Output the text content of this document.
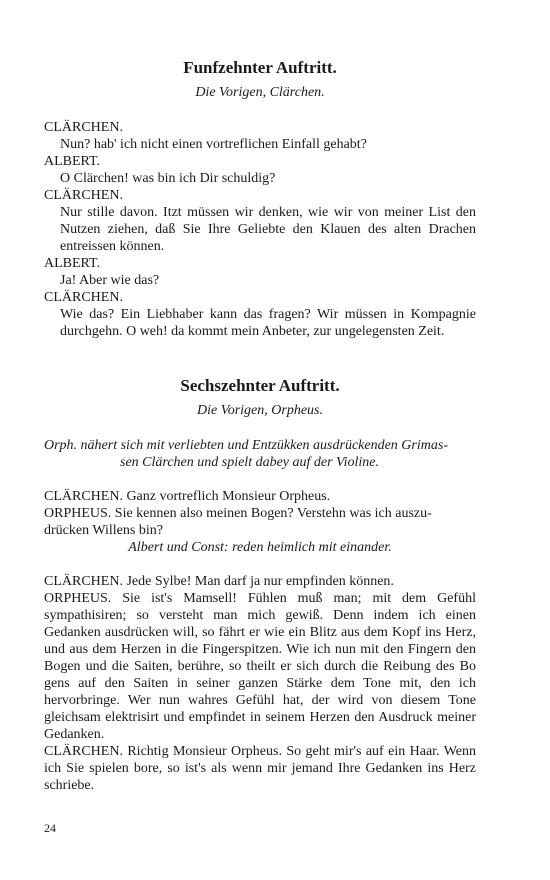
Funfzehnter Auftritt.
Die Vorigen, Clärchen.
CLÄRCHEN.
Nun? hab' ich nicht einen vortreflichen Einfall gehabt?
ALBERT.
O Clärchen! was bin ich Dir schuldig?
CLÄRCHEN.
Nur stille davon. Itzt müssen wir denken, wie wir von meiner List den Nutzen ziehen, daß Sie Ihre Geliebte den Klauen des alten Drachen entreissen können.
ALBERT.
Ja! Aber wie das?
CLÄRCHEN.
Wie das? Ein Liebhaber kann das fragen? Wir müssen in Kompagnie durchgehn. O weh! da kommt mein Anbeter, zur ungelegensten Zeit.
Sechszehnter Auftritt.
Die Vorigen, Orpheus.
Orph. nähert sich mit verliebten und Entzükken ausdrückenden Grimas-
sen Clärchen und spielt dabey auf der Violine.
CLÄRCHEN. Ganz vortreflich Monsieur Orpheus.
ORPHEUS. Sie kennen also meinen Bogen? Verstehn was ich auszu-
drücken Willens bin?
Albert und Const: reden heimlich mit einander.
CLÄRCHEN. Jede Sylbe! Man darf ja nur empfinden können.
ORPHEUS. Sie ist's Mamsell! Fühlen muß man; mit dem Gefühl sympathisiren; so versteht man mich gewiß. Denn indem ich einen Gedanken ausdrücken will, so fährt er wie ein Blitz aus dem Kopf ins Herz, und aus dem Herzen in die Fingerspitzen. Wie ich nun mit den Fingern den Bogen und die Saiten, berühre, so theilt er sich durch die Reibung des Bo gens auf den Saiten in seiner ganzen Stärke dem Tone mit, den ich hervorbringe. Wer nun wahres Gefühl hat, der wird von diesem Tone gleichsam elektrisirt und empfindet in seinem Herzen den Ausdruck meiner Gedanken.
CLÄRCHEN. Richtig Monsieur Orpheus. So geht mir's auf ein Haar. Wenn ich Sie spielen bore, so ist's als wenn mir jemand Ihre Gedanken ins Herz schriebe.
24
